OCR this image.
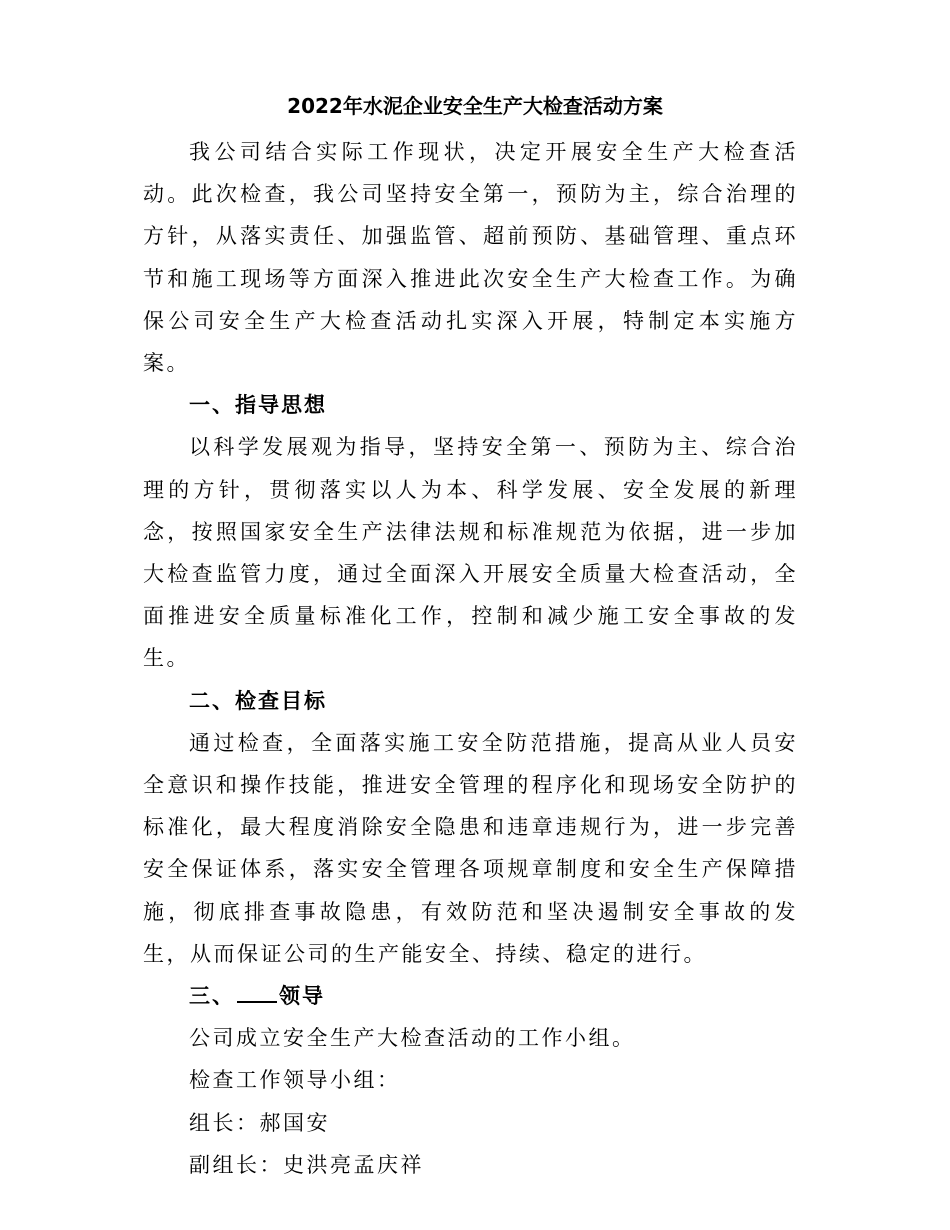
2022年水泥企业安全生产大检查活动方案

我公司结合实际工作现状，决定开展安全生产大检查活动。此次检查，我公司坚持安全第一，预防为主，综合治理的方针，从落实责任、加强监管、超前预防、基础管理、重点环节和施工现场等方面深入推进此次安全生产大检查工作。为确保公司安全生产大检查活动扎实深入开展，特制定本实施方案。

一、指导思想

以科学发展观为指导，坚持安全第一、预防为主、综合治理的方针，贯彻落实以人为本、科学发展、安全发展的新理念，按照国家安全生产法律法规和标准规范为依据，进一步加大检查监管力度，通过全面深入开展安全质量大检查活动，全面推进安全质量标准化工作，控制和减少施工安全事故的发生。

二、检查目标

通过检查，全面落实施工安全防范措施，提高从业人员安全意识和操作技能，推进安全管理的程序化和现场安全防护的标准化，最大程度消除安全隐患和违章违规行为，进一步完善安全保证体系，落实安全管理各项规章制度和安全生产保障措施，彻底排查事故隐患，有效防范和坚决遏制安全事故的发生，从而保证公司的生产能安全、持续、稳定的进行。

三、 领导

公司成立安全生产大检查活动的工作小组。

检查工作领导小组：

组长：郝国安

副组长：史洪亮孟庆祥
